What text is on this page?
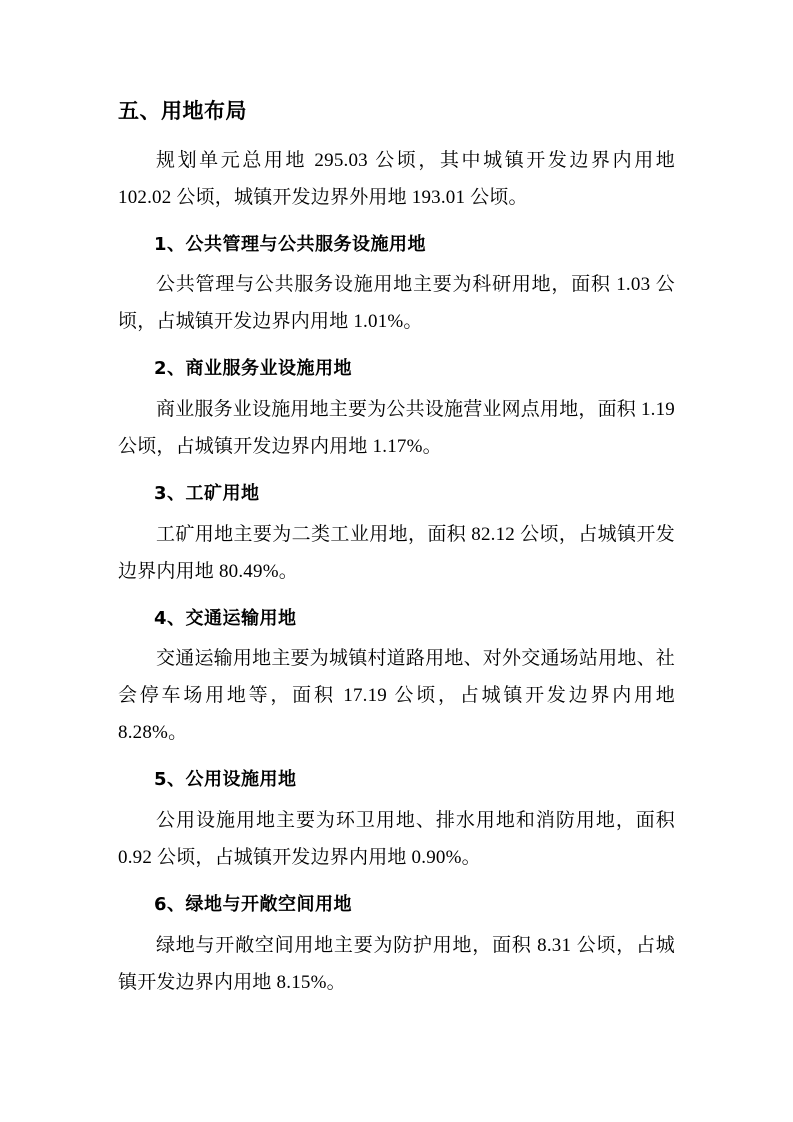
五、用地布局

规划单元总用地 295.03 公顷，其中城镇开发边界内用地 102.02 公顷，城镇开发边界外用地 193.01 公顷。

1、公共管理与公共服务设施用地

公共管理与公共服务设施用地主要为科研用地，面积 1.03 公顷，占城镇开发边界内用地 1.01%。

2、商业服务业设施用地

商业服务业设施用地主要为公共设施营业网点用地，面积 1.19 公顷，占城镇开发边界内用地 1.17%。

3、工矿用地

工矿用地主要为二类工业用地，面积 82.12 公顷，占城镇开发边界内用地 80.49%。

4、交通运输用地

交通运输用地主要为城镇村道路用地、对外交通场站用地、社会停车场用地等，面积 17.19 公顷，占城镇开发边界内用地 8.28%。

5、公用设施用地

公用设施用地主要为环卫用地、排水用地和消防用地，面积 0.92 公顷，占城镇开发边界内用地 0.90%。

6、绿地与开敞空间用地

绿地与开敞空间用地主要为防护用地，面积 8.31 公顷，占城镇开发边界内用地 8.15%。
